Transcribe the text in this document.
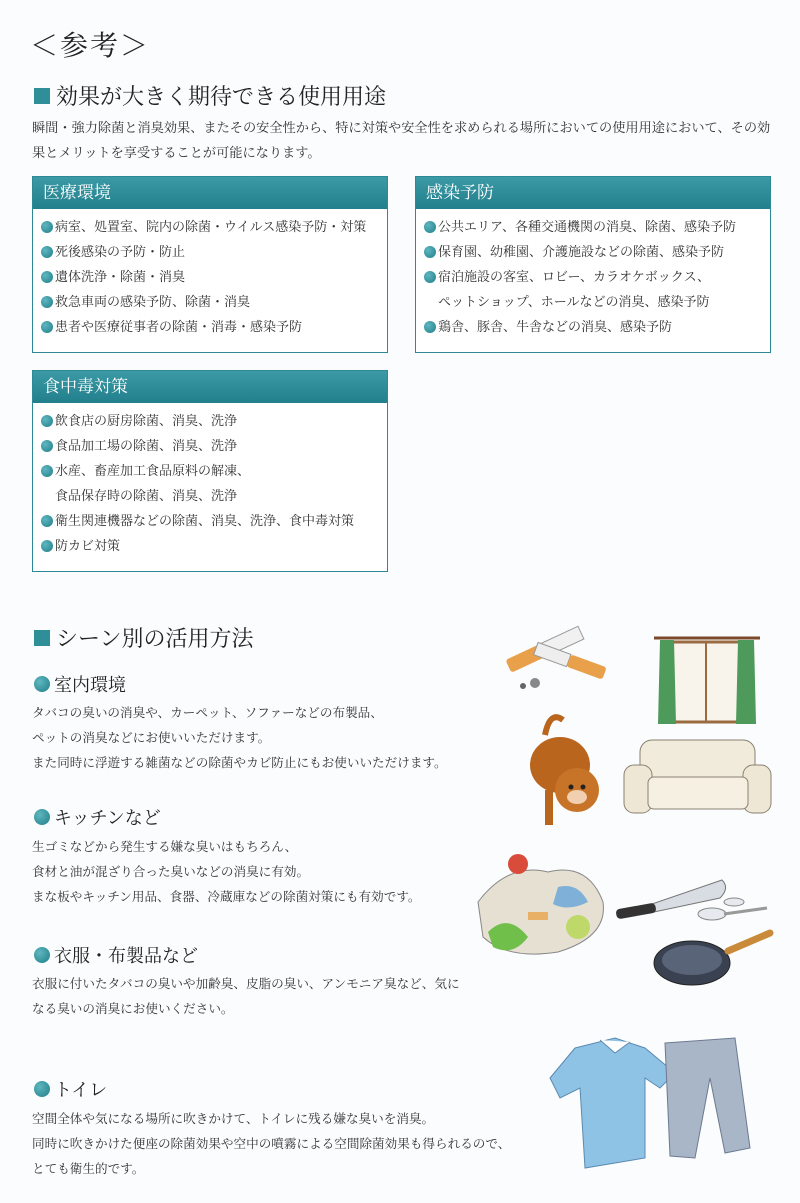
＜参考＞
効果が大きく期待できる使用用途
瞬間・強力除菌と消臭効果、またその安全性から、特に対策や安全性を求められる場所においての使用用途において、その効
果とメリットを享受することが可能になります。
医療環境
病室、処置室、院内の除菌・ウイルス感染予防・対策
死後感染の予防・防止
遺体洗浄・除菌・消臭
救急車両の感染予防、除菌・消臭
患者や医療従事者の除菌・消毒・感染予防
感染予防
公共エリア、各種交通機関の消臭、除菌、感染予防
保育園、幼稚園、介護施設などの除菌、感染予防
宿泊施設の客室、ロビー、カラオケボックス、
ペットショップ、ホールなどの消臭、感染予防
鶏舎、豚舎、牛舎などの消臭、感染予防
食中毒対策
飲食店の厨房除菌、消臭、洗浄
食品加工場の除菌、消臭、洗浄
水産、畜産加工食品原料の解凍、
食品保存時の除菌、消臭、洗浄
衛生関連機器などの除菌、消臭、洗浄、食中毒対策
防カビ対策
シーン別の活用方法
室内環境
タバコの臭いの消臭や、カーペット、ソファーなどの布製品、
ペットの消臭などにお使いいただけます。
また同時に浮遊する雑菌などの除菌やカビ防止にもお使いいただけます。
キッチンなど
生ゴミなどから発生する嫌な臭いはもちろん、
食材と油が混ざり合った臭いなどの消臭に有効。
まな板やキッチン用品、食器、冷蔵庫などの除菌対策にも有効です。
衣服・布製品など
衣服に付いたタバコの臭いや加齢臭、皮脂の臭い、アンモニア臭など、気に
なる臭いの消臭にお使いください。
トイレ
空間全体や気になる場所に吹きかけて、トイレに残る嫌な臭いを消臭。
同時に吹きかけた便座の除菌効果や空中の噴霧による空間除菌効果も得られるので、
とても衛生的です。
